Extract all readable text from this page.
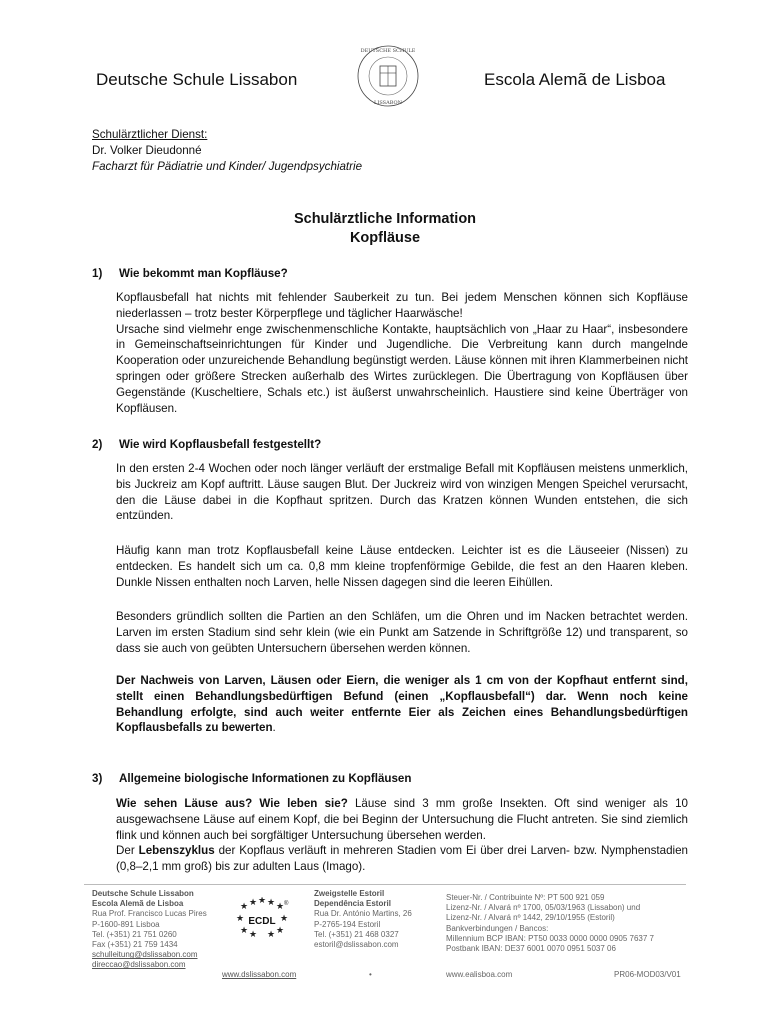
Deutsche Schule Lissabon
DEUTSCHE SCHULE
LISSABON
Escola Alemã de Lisboa
Schulärztlicher Dienst:
Dr. Volker Dieudonné
Facharzt für Pädiatrie und Kinder/ Jugendpsychiatrie
Schulärztliche Information
Kopfläuse
1) Wie bekommt man Kopfläuse?
Kopflausbefall hat nichts mit fehlender Sauberkeit zu tun. Bei jedem Menschen können sich Kopfläuse niederlassen – trotz bester Körperpflege und täglicher Haarwäsche!
Ursache sind vielmehr enge zwischenmenschliche Kontakte, hauptsächlich von „Haar zu Haar“, insbesondere in Gemeinschaftseinrichtungen für Kinder und Jugendliche. Die Verbreitung kann durch mangelnde Kooperation oder unzureichende Behandlung begünstigt werden. Läuse können mit ihren Klammerbeinen nicht springen oder größere Strecken außerhalb des Wirtes zurücklegen. Die Übertragung von Kopfläusen über Gegenstände (Kuscheltiere, Schals etc.) ist äußerst unwahrscheinlich. Haustiere sind keine Überträger von Kopfläusen.
2) Wie wird Kopflausbefall festgestellt?
In den ersten 2-4 Wochen oder noch länger verläuft der erstmalige Befall mit Kopfläusen meistens unmerklich, bis Juckreiz am Kopf auftritt. Läuse saugen Blut. Der Juckreiz wird von winzigen Mengen Speichel verursacht, den die Läuse dabei in die Kopfhaut spritzen. Durch das Kratzen können Wunden entstehen, die sich entzünden.
Häufig kann man trotz Kopflausbefall keine Läuse entdecken. Leichter ist es die Läuseeier (Nissen) zu entdecken. Es handelt sich um ca. 0,8 mm kleine tropfenförmige Gebilde, die fest an den Haaren kleben. Dunkle Nissen enthalten noch Larven, helle Nissen dagegen sind die leeren Eihüllen.
Besonders gründlich sollten die Partien an den Schläfen, um die Ohren und im Nacken betrachtet werden. Larven im ersten Stadium sind sehr klein (wie ein Punkt am Satzende in Schriftgröße 12) und transparent, so dass sie auch von geübten Untersuchern übersehen werden können.
Der Nachweis von Larven, Läusen oder Eiern, die weniger als 1 cm von der Kopfhaut entfernt sind, stellt einen Behandlungsbedürftigen Befund (einen „Kopflausbefall“) dar. Wenn noch keine Behandlung erfolgte, sind auch weiter entfernte Eier als Zeichen eines Behandlungsbedürftigen Kopflausbefalls zu bewerten.
3) Allgemeine biologische Informationen zu Kopfläusen
Wie sehen Läuse aus? Wie leben sie? Läuse sind 3 mm große Insekten. Oft sind weniger als 10 ausgewachsene Läuse auf einem Kopf, die bei Beginn der Untersuchung die Flucht antreten. Sie sind ziemlich flink und können auch bei sorgfältiger Untersuchung übersehen werden.
Der Lebenszyklus der Kopflaus verläuft in mehreren Stadien vom Ei über drei Larven- bzw. Nymphenstadien (0,8–2,1 mm groß) bis zur adulten Laus (Imago).
Deutsche Schule Lissabon
Escola Alemã de Lisboa
Rua Prof. Francisco Lucas Pires
P-1600-891 Lisboa
Tel. (+351) 21 751 0260
Fax (+351) 21 759 1434
schulleitung@dslissabon.com
direccao@dslissabon.com
★ ★ ★ ★ ★
★	★
★ ★ ★ ★
®
ECDL
Zweigstelle Estoril
Dependência Estoril
Rua Dr. António Martins, 26
P-2765-194 Estoril
Tel. (+351) 21 468 0327
estoril@dslissabon.com
Steuer-Nr. / Contribuinte Nº: PT 500 921 059
Lizenz-Nr. / Alvará nº 1700, 05/03/1963 (Lissabon) und
Lizenz-Nr. / Alvará nº 1442, 29/10/1955 (Estoril)
Bankverbindungen / Bancos:
Millennium BCP IBAN: PT50 0033 0000 0000 0905 7637 7
Postbank IBAN: DE37 6001 0070 0951 5037 06
www.dslissabon.com	•	www.ealisboa.com	PR06-MOD03/V01
